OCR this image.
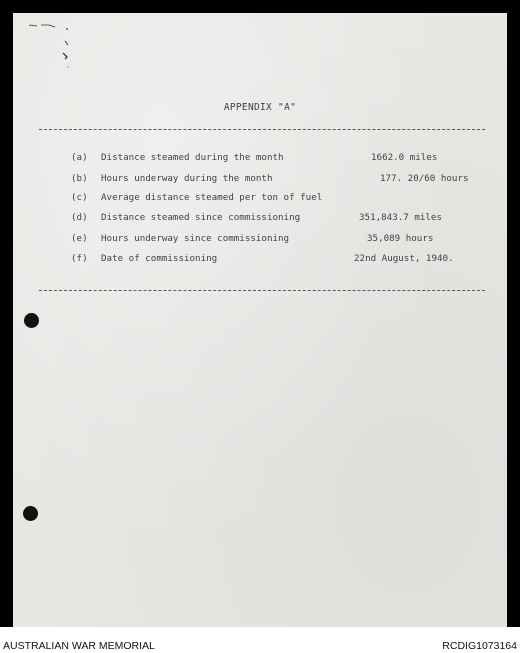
APPENDIX "A"
(a) Distance steamed during the month	1662.0 miles
(b) Hours underway during the month	177. 20/60 hours
(c) Average distance steamed per ton of fuel
(d) Distance steamed since commissioning	351,843.7 miles
(e) Hours underway since commissioning	35,089 hours
(f) Date of commissioning	22nd August, 1940.
AUSTRALIAN WAR MEMORIAL	RCDIG1073164
